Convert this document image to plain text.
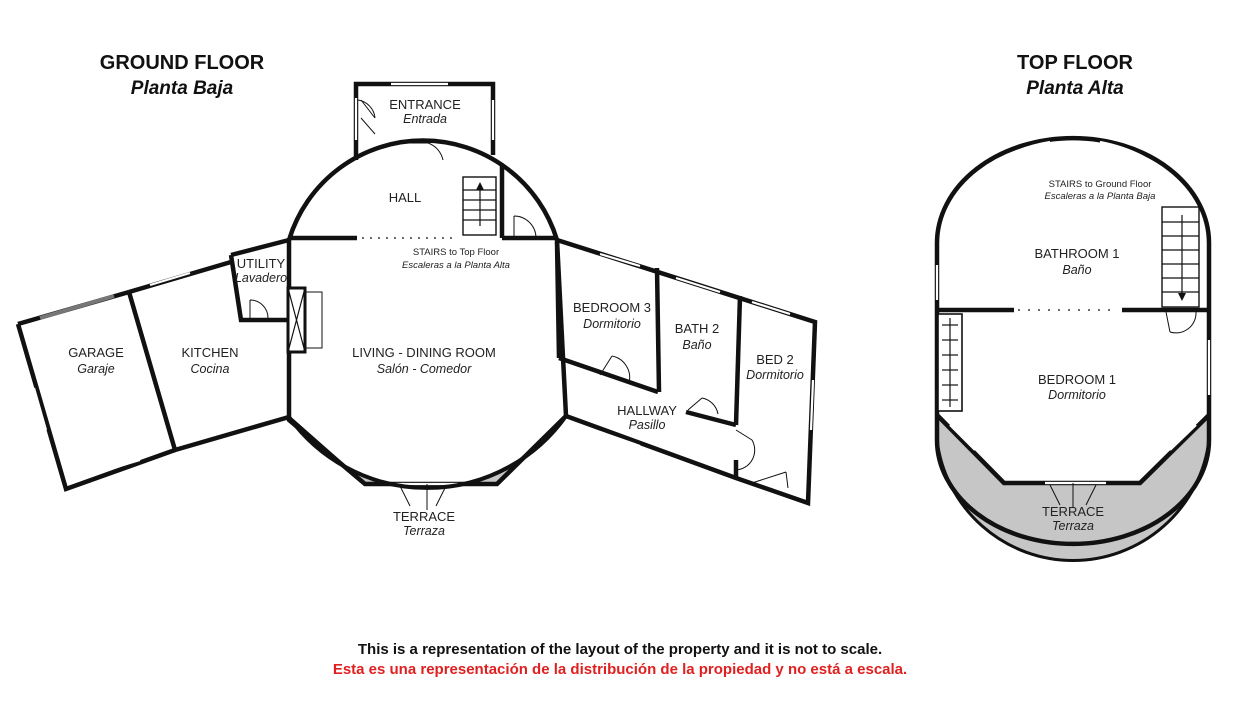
GROUND FLOOR
Planta Baja
ENTRANCE
Entrada
HALL
STAIRS to Top Floor
Escaleras a la Planta Alta
UTILITY
Lavadero
GARAGE
Garaje
KITCHEN
Cocina
LIVING - DINING ROOM
Salón - Comedor
BEDROOM 3
Dormitorio	BATH 2
Baño
BED 2
Dormitorio
HALLWAY
Pasillo
TERRACE
Terraza
TOP FLOOR
Planta Alta
STAIRS to Ground Floor
Escaleras a la Planta Baja
BATHROOM 1
Baño
BEDROOM 1
Dormitorio
TERRACE
Terraza
This is a representation of the layout of the property and it is not to scale.
Esta es una representación de la distribución de la propiedad y no está a escala.
